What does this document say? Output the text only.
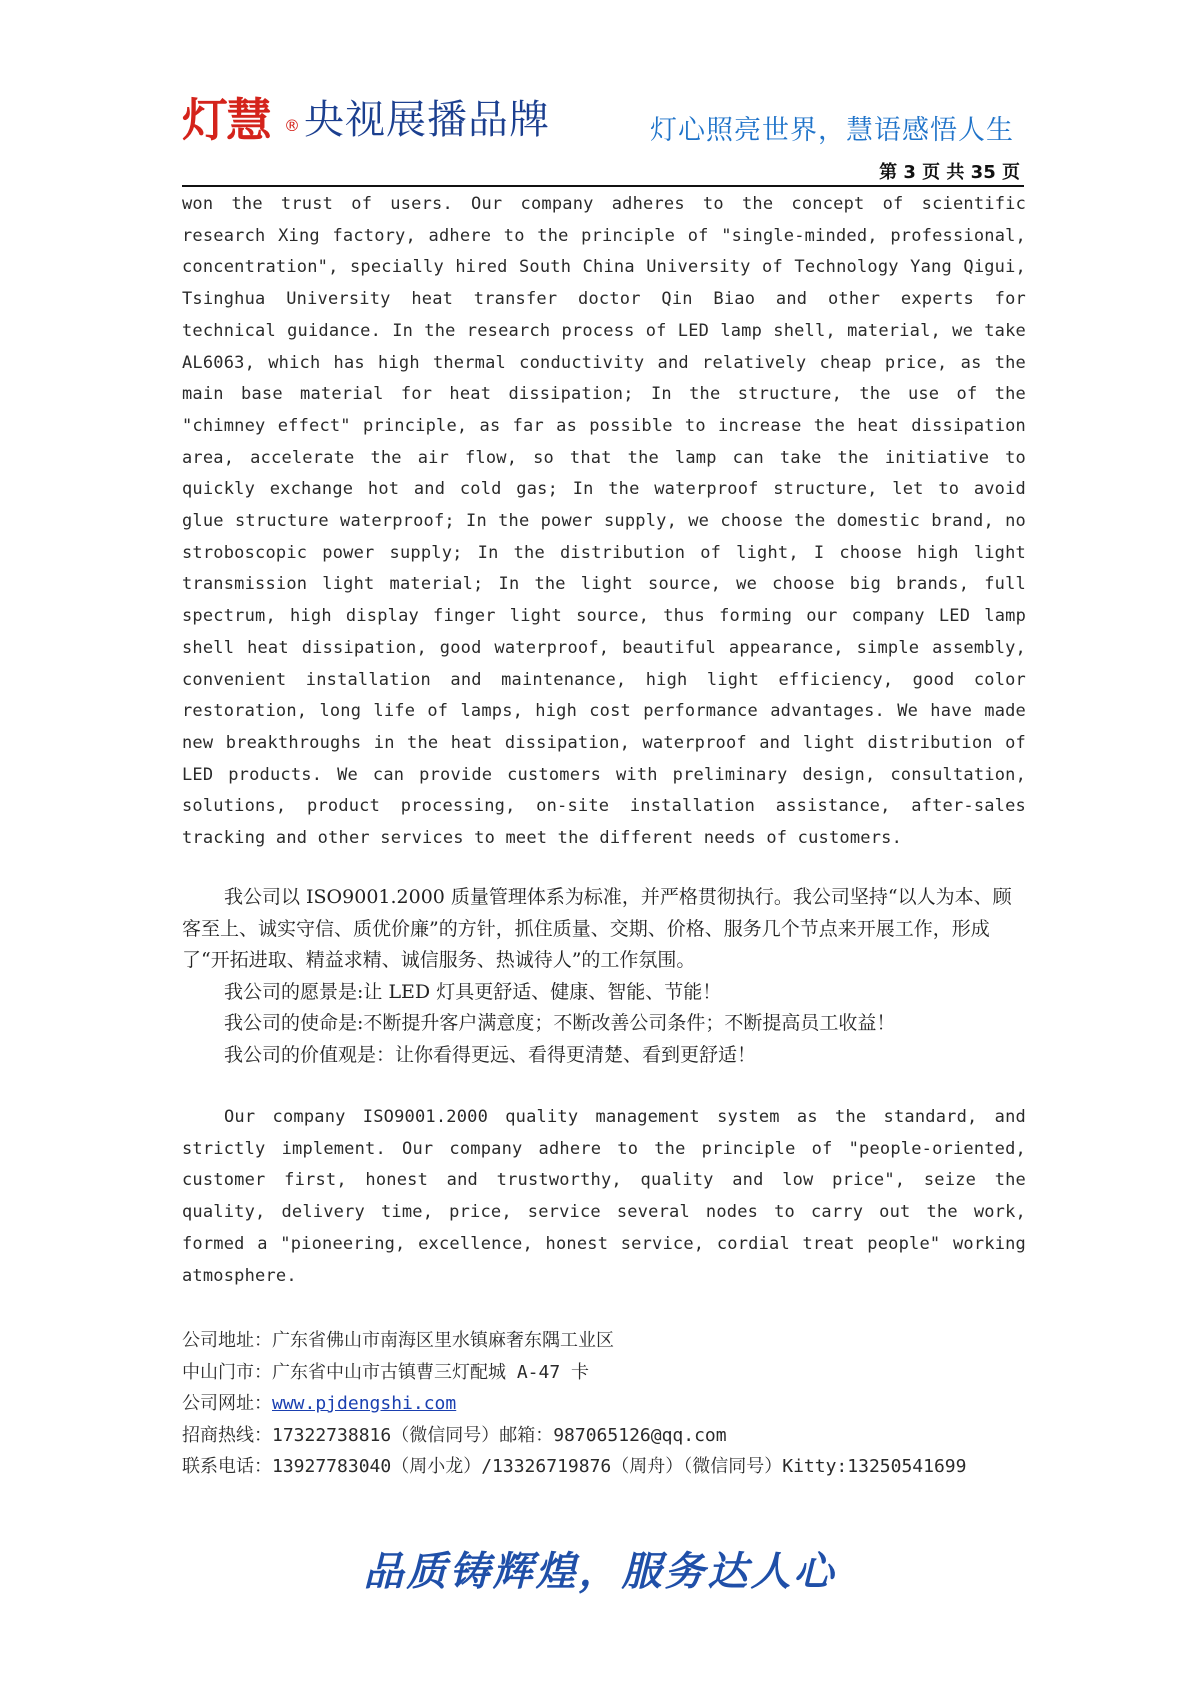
灯慧 ® 央视展播品牌	灯心照亮世界，慧语感悟人生
第 3 页 共 35 页

won the trust of users. Our company adheres to the concept of scientific research Xing factory, adhere to the principle of "single-minded, professional, concentration", specially hired South China University of Technology Yang Qigui, Tsinghua University heat transfer doctor Qin Biao and other experts for technical guidance. In the research process of LED lamp shell, material, we take AL6063, which has high thermal conductivity and relatively cheap price, as the main base material for heat dissipation; In the structure, the use of the "chimney effect" principle, as far as possible to increase the heat dissipation area, accelerate the air flow, so that the lamp can take the initiative to quickly exchange hot and cold gas; In the waterproof structure, let to avoid glue structure waterproof; In the power supply, we choose the domestic brand, no stroboscopic power supply; In the distribution of light, I choose high light transmission light material; In the light source, we choose big brands, full spectrum, high display finger light source, thus forming our company LED lamp shell heat dissipation, good waterproof, beautiful appearance, simple assembly, convenient installation and maintenance, high light efficiency, good color restoration, long life of lamps, high cost performance advantages. We have made new breakthroughs in the heat dissipation, waterproof and light distribution of LED products. We can provide customers with preliminary design, consultation, solutions, product processing, on-site installation assistance, after-sales tracking and other services to meet the different needs of customers.

我公司以 ISO9001.2000 质量管理体系为标准，并严格贯彻执行。我公司坚持“以人为本、顾客至上、诚实守信、质优价廉”的方针，抓住质量、交期、价格、服务几个节点来开展工作，形成了“开拓进取、精益求精、诚信服务、热诚待人”的工作氛围。

我公司的愿景是:让 LED 灯具更舒适、健康、智能、节能！

我公司的使命是:不断提升客户满意度；不断改善公司条件；不断提高员工收益！

我公司的价值观是：让你看得更远、看得更清楚、看到更舒适！

Our company ISO9001.2000 quality management system as the standard, and strictly implement. Our company adhere to the principle of "people-oriented, customer first, honest and trustworthy, quality and low price", seize the quality, delivery time, price, service several nodes to carry out the work, formed a "pioneering, excellence, honest service, cordial treat people" working atmosphere.

公司地址：广东省佛山市南海区里水镇麻奢东隅工业区
中山门市：广东省中山市古镇曹三灯配城 A-47 卡
公司网址：www.pjdengshi.com
招商热线：17322738816（微信同号）邮箱：987065126@qq.com
联系电话：13927783040（周小龙）/13326719876（周舟）（微信同号）Kitty:13250541699
品质铸辉煌，服务达人心
